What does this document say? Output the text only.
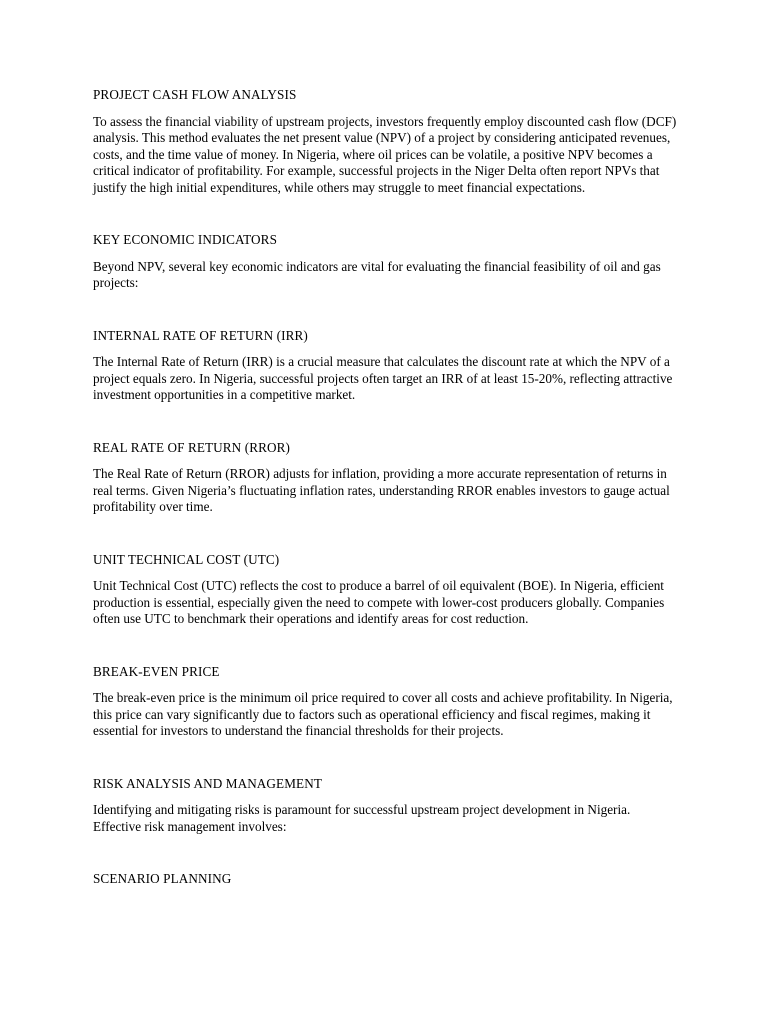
PROJECT CASH FLOW ANALYSIS
To assess the financial viability of upstream projects, investors frequently employ discounted cash flow (DCF) analysis. This method evaluates the net present value (NPV) of a project by considering anticipated revenues, costs, and the time value of money. In Nigeria, where oil prices can be volatile, a positive NPV becomes a critical indicator of profitability. For example, successful projects in the Niger Delta often report NPVs that justify the high initial expenditures, while others may struggle to meet financial expectations.
KEY ECONOMIC INDICATORS
Beyond NPV, several key economic indicators are vital for evaluating the financial feasibility of oil and gas projects:
INTERNAL RATE OF RETURN (IRR)
The Internal Rate of Return (IRR) is a crucial measure that calculates the discount rate at which the NPV of a project equals zero. In Nigeria, successful projects often target an IRR of at least 15-20%, reflecting attractive investment opportunities in a competitive market.
REAL RATE OF RETURN (RROR)
The Real Rate of Return (RROR) adjusts for inflation, providing a more accurate representation of returns in real terms. Given Nigeria’s fluctuating inflation rates, understanding RROR enables investors to gauge actual profitability over time.
UNIT TECHNICAL COST (UTC)
Unit Technical Cost (UTC) reflects the cost to produce a barrel of oil equivalent (BOE). In Nigeria, efficient production is essential, especially given the need to compete with lower-cost producers globally. Companies often use UTC to benchmark their operations and identify areas for cost reduction.
BREAK-EVEN PRICE
The break-even price is the minimum oil price required to cover all costs and achieve profitability. In Nigeria, this price can vary significantly due to factors such as operational efficiency and fiscal regimes, making it essential for investors to understand the financial thresholds for their projects.
RISK ANALYSIS AND MANAGEMENT
Identifying and mitigating risks is paramount for successful upstream project development in Nigeria. Effective risk management involves:
SCENARIO PLANNING
